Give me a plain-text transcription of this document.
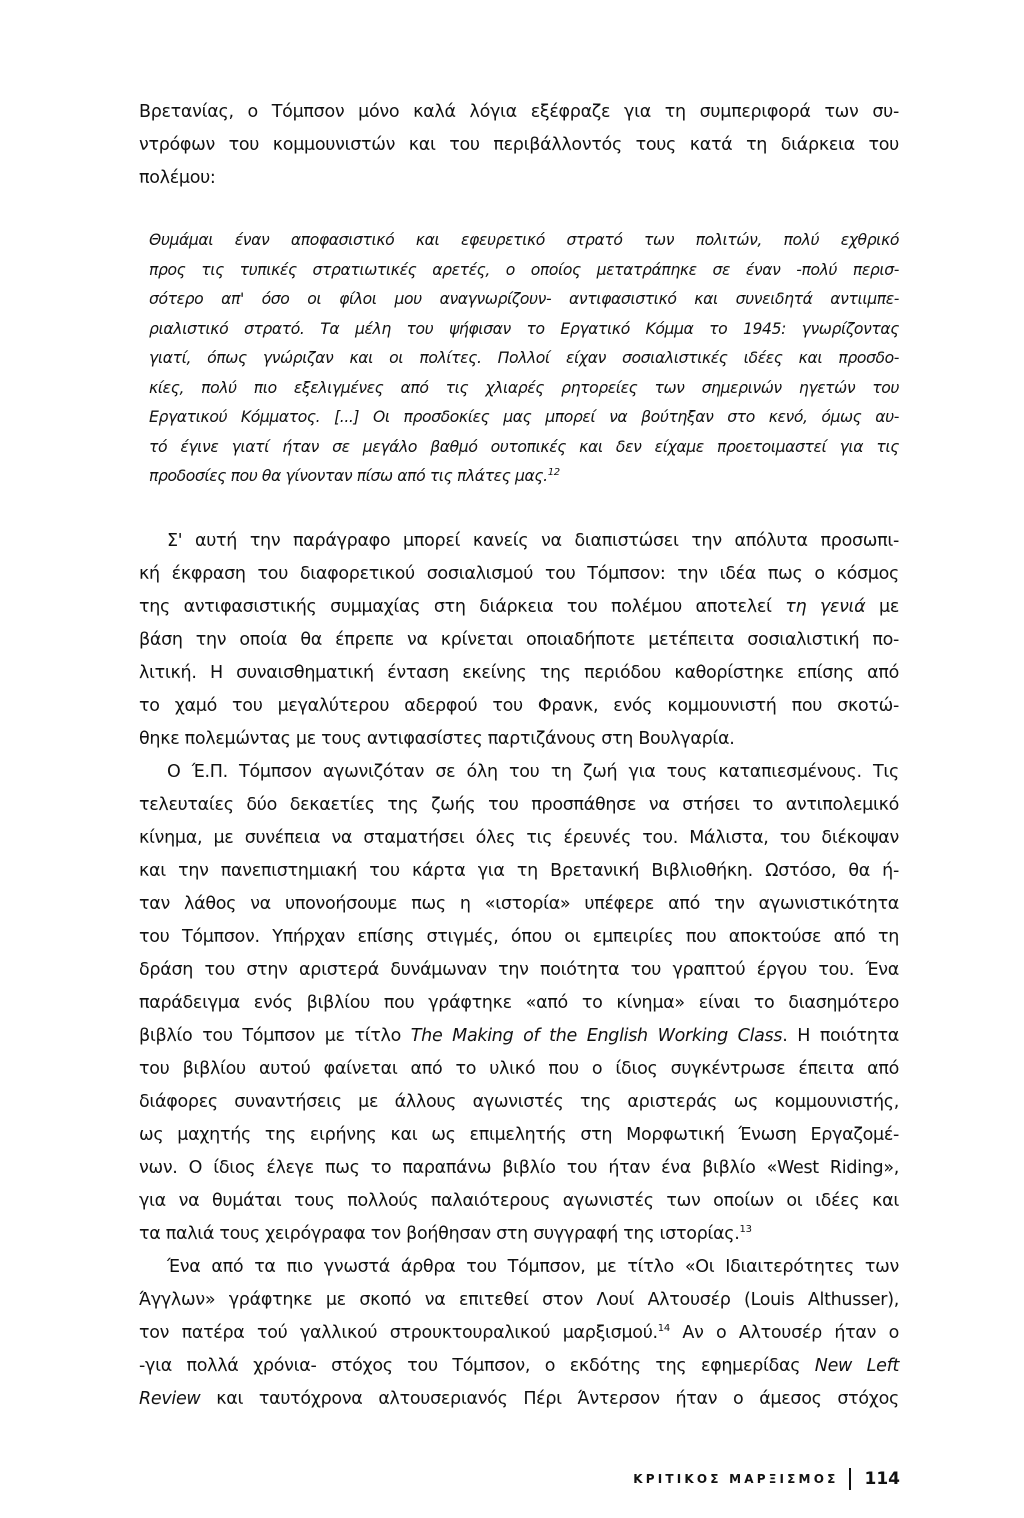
Βρετανίας, ο Τόμπσον μόνο καλά λόγια εξέφραζε για τη συμπεριφορά των συ-
ντρόφων του κομμουνιστών και του περιβάλλοντός τους κατά τη διάρκεια του
πολέμου:
Θυμάμαι έναν αποφασιστικό και εφευρετικό στρατό των πολιτών, πολύ εχθρικό
προς τις τυπικές στρατιωτικές αρετές, ο οποίος μετατράπηκε σε έναν -πολύ περισ-
σότερο απ' όσο οι φίλοι μου αναγνωρίζουν- αντιφασιστικό και συνειδητά αντιιμπε-
ριαλιστικό στρατό. Τα μέλη του ψήφισαν το Εργατικό Κόμμα το 1945: γνωρίζοντας
γιατί, όπως γνώριζαν και οι πολίτες. Πολλοί είχαν σοσιαλιστικές ιδέες και προσδο-
κίες, πολύ πιο εξελιγμένες από τις χλιαρές ρητορείες των σημερινών ηγετών του
Εργατικού Κόμματος. [...] Οι προσδοκίες μας μπορεί να βούτηξαν στο κενό, όμως αυ-
τό έγινε γιατί ήταν σε μεγάλο βαθμό ουτοπικές και δεν είχαμε προετοιμαστεί για τις
προδοσίες που θα γίνονταν πίσω από τις πλάτες μας.$^{12}$
Σ' αυτή την παράγραφο μπορεί κανείς να διαπιστώσει την απόλυτα προσωπι-
κή έκφραση του διαφορετικού σοσιαλισμού του Τόμπσον: την ιδέα πως ο κόσμος
της αντιφασιστικής συμμαχίας στη διάρκεια του πολέμου αποτελεί τη γενιά με
βάση την οποία θα έπρεπε να κρίνεται οποιαδήποτε μετέπειτα σοσιαλιστική πο-
λιτική. Η συναισθηματική ένταση εκείνης της περιόδου καθορίστηκε επίσης από
το χαμό του μεγαλύτερου αδερφού του Φρανκ, ενός κομμουνιστή που σκοτώ-
θηκε πολεμώντας με τους αντιφασίστες παρτιζάνους στη Βουλγαρία.
Ο Έ.Π. Τόμπσον αγωνιζόταν σε όλη του τη ζωή για τους καταπιεσμένους. Τις
τελευταίες δύο δεκαετίες της ζωής του προσπάθησε να στήσει το αντιπολεμικό
κίνημα, με συνέπεια να σταματήσει όλες τις έρευνές του. Μάλιστα, του διέκοψαν
και την πανεπιστημιακή του κάρτα για τη Βρετανική Βιβλιοθήκη. Ωστόσο, θα ή-
ταν λάθος να υπονοήσουμε πως η «ιστορία» υπέφερε από την αγωνιστικότητα
του Τόμπσον. Υπήρχαν επίσης στιγμές, όπου οι εμπειρίες που αποκτούσε από τη
δράση του στην αριστερά δυνάμωναν την ποιότητα του γραπτού έργου του. Ένα
παράδειγμα ενός βιβλίου που γράφτηκε «από το κίνημα» είναι το διασημότερο
βιβλίο του Τόμπσον με τίτλο The Making of the English Working Class. Η ποιότητα
του βιβλίου αυτού φαίνεται από το υλικό που ο ίδιος συγκέντρωσε έπειτα από
διάφορες συναντήσεις με άλλους αγωνιστές της αριστεράς ως κομμουνιστής,
ως μαχητής της ειρήνης και ως επιμελητής στη Μορφωτική Ένωση Εργαζομέ-
νων. Ο ίδιος έλεγε πως το παραπάνω βιβλίο του ήταν ένα βιβλίο «West Riding»,
για να θυμάται τους πολλούς παλαιότερους αγωνιστές των οποίων οι ιδέες και
τα παλιά τους χειρόγραφα τον βοήθησαν στη συγγραφή της ιστορίας.$^{13}$
Ένα από τα πιο γνωστά άρθρα του Τόμπσον, με τίτλο «Οι Ιδιαιτερότητες των
Άγγλων» γράφτηκε με σκοπό να επιτεθεί στον Λουί Αλτουσέρ (Louis Althusser),
τον πατέρα τού γαλλικού στρουκτουραλικού μαρξισμού.$^{14}$ Αν ο Αλτουσέρ ήταν ο
-για πολλά χρόνια- στόχος του Τόμπσον, ο εκδότης της εφημερίδας New Left
Review και ταυτόχρονα αλτουσεριανός Πέρι Άντερσον ήταν ο άμεσος στόχος
ΚΡΙΤΙΚΟΣ ΜΑΡΞΙΣΜΟΣ 114
